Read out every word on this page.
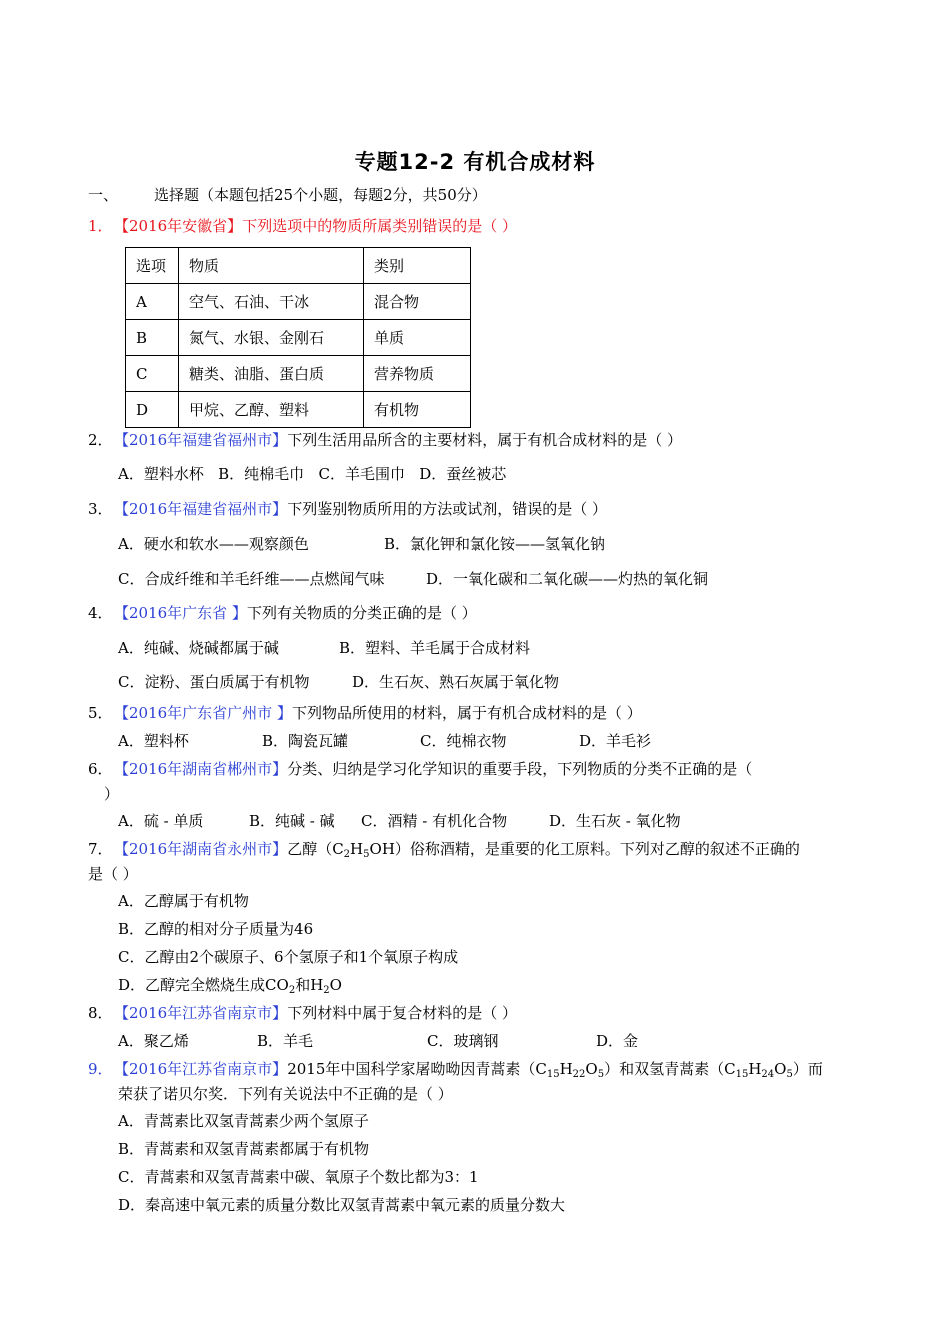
专题12-2 有机合成材料
一、 选择题（本题包括25个小题，每题2分，共50分）
1．【2016年安徽省】下列选项中的物质所属类别错误的是（ ）
选项	物质	类别
A	空气、石油、干冰	混合物
B	氮气、水银、金刚石	单质
C	糖类、油脂、蛋白质	营养物质
D	甲烷、乙醇、塑料	有机物
2．【2016年福建省福州市】下列生活用品所含的主要材料，属于有机合成材料的是（ ）
A．塑料水杯   B．纯棉毛巾   C．羊毛围巾   D．蚕丝被芯
3．【2016年福建省福州市】下列鉴别物质所用的方法或试剂，错误的是（ ）
A．硬水和软水——观察颜色	B．氯化钾和氯化铵——氢氧化钠
C．合成纤维和羊毛纤维——点燃闻气味	D．一氧化碳和二氧化碳——灼热的氧化铜
4．【2016年广东省 】下列有关物质的分类正确的是（ ）
A．纯碱、烧碱都属于碱	B．塑料、羊毛属于合成材料
C．淀粉、蛋白质属于有机物	D．生石灰、熟石灰属于氧化物
5．【2016年广东省广州市 】下列物品所使用的材料，属于有机合成材料的是（ ）
A．塑料杯	B．陶瓷瓦罐	C．纯棉衣物	D．羊毛衫
6．【2016年湖南省郴州市】分类、归纳是学习化学知识的重要手段，下列物质的分类不正确的是（
）
A．硫 - 单质	B．纯碱 - 碱 C．酒精 - 有机化合物	D．生石灰 - 氧化物
7．【2016年湖南省永州市】乙醇$(C_2H_5OH)$俗称酒精，是重要的化工原料。下列对乙醇的叙述不正确的
是（ ）
A．乙醇属于有机物
B．乙醇的相对分子质量为46
C．乙醇由2个碳原子、6个氢原子和1个氧原子构成
D．乙醇完全燃烧生成$CO_2$和$H_2O$
8．【2016年江苏省南京市】下列材料中属于复合材料的是（ ）
A．聚乙烯	B．羊毛	C．玻璃钢	D．金
9．【2016年江苏省南京市】2015年中国科学家屠呦呦因青蒿素$(C_{15}H_{22}O_5)$和双氢青蒿素$(C_{15}H_{24}O_5)$而
荣获了诺贝尔奖．下列有关说法中不正确的是（ ）
A．青蒿素比双氢青蒿素少两个氢原子
B．青蒿素和双氢青蒿素都属于有机物
C．青蒿素和双氢青蒿素中碳、氧原子个数比都为3：1
D．秦高速中氧元素的质量分数比双氢青蒿素中氧元素的质量分数大
